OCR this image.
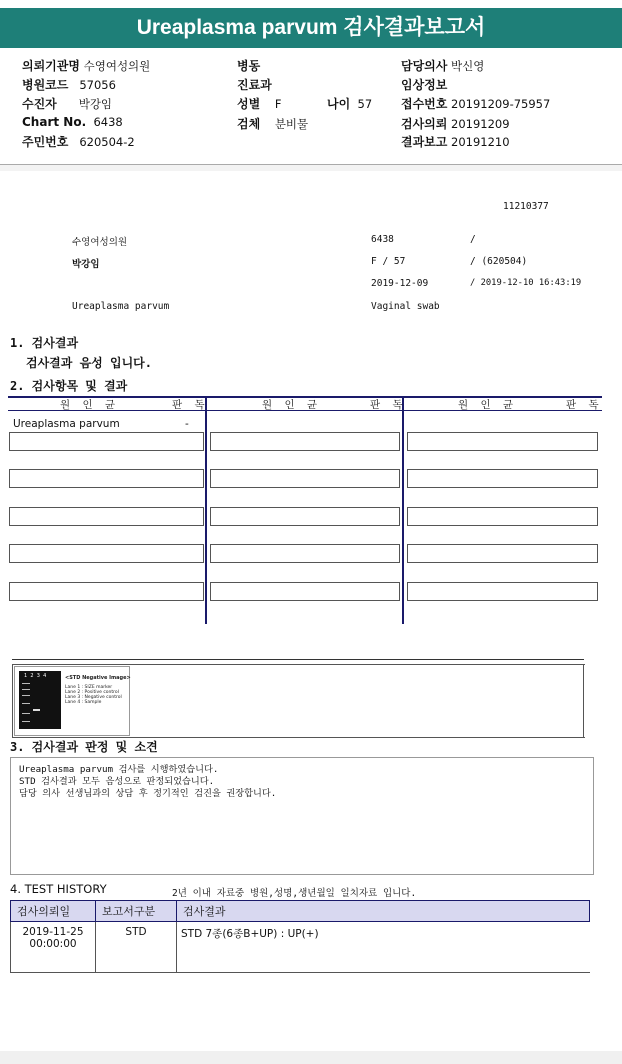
Ureaplasma parvum 검사결과보고서
의뢰기관명 수영여성의원
병원코드 57056
수진자 박강임
Chart No. 6438
주민번호 620504-2
병동
진료과
성별 F	나이 57
검체 분비물
담당의사 박신영
임상정보
접수번호 20191209-75957
검사의뢰 20191209
결과보고 20191210
11210377
수영여성의원	6438	/
박강임	F / 57	/ (620504)
2019-12-09	/ 2019-12-10 16:43:19
Ureaplasma parvum	Vaginal swab
1. 검사결과
검사결과 음성 입니다.
2. 검사항목 및 결과
원 인 균	판 독	원 인 균	판 독	원 인 균	판 독
Ureaplasma parvum	-
1  2  3  4	<STD Negative Image>
Lane 1 : SIZE marker
Lane 2 : Positive control
Lane 3 : Negative control
Lane 4 : Sample
3. 검사결과 판정 및 소견
Ureaplasma parvum 검사를 시행하였습니다.
STD 검사결과 모두 음성으로 판정되었습니다.
담당 의사 선생님과의 상담 후 정기적인 검진을 권장합니다.
4. TEST HISTORY	2년 이내 자료중 병원,성명,생년월일 일치자료 입니다.
검사의뢰일	보고서구분	검사결과

2019-11-25
00:00:00	STD	STD 7종(6종B+UP) : UP(+)
